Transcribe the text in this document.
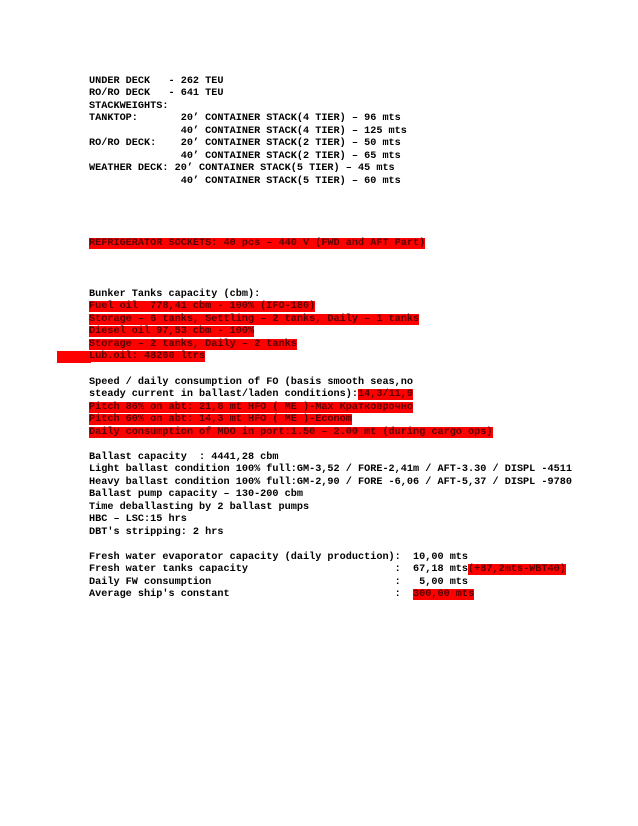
UNDER DECK   - 262 TEU
RO/RO DECK   - 641 TEU
STACKWEIGHTS:
TANKTOP:       20’ CONTAINER STACK(4 TIER) – 96 mts
40’ CONTAINER STACK(4 TIER) – 125 mts
RO/RO DECK:    20’ CONTAINER STACK(2 TIER) – 50 mts
40’ CONTAINER STACK(2 TIER) – 65 mts
WEATHER DECK: 20’ CONTAINER STACK(5 TIER) – 45 mts
40’ CONTAINER STACK(5 TIER) – 60 mts
REFRIGERATOR SOCKETS: 40 pcs – 440 V (FWD and AFT Part)
Bunker Tanks capacity (cbm):
Fuel oil  778,41 cbm - 100% (IFO-180)
Storage – 6 tanks, Settling – 2 tanks, Daily – 1 tanks
Diesel oil 97,53 cbm - 100%
Storage – 2 tanks, Daily – 2 tanks
Lub.oil: 48200 ltrs
Speed / daily consumption of FO (basis smooth seas,no
steady current in ballast/laden conditions):14,3/11,9
Pitch 86% on abt: 21,8 mt HFO ( ME )-Max Кратковрочно
Pitch 60% on abt: 14,3 mt HFO ( ME )-Econom
Daily consumption of MDO in port:1.50 – 2.00 mt (during cargo ops)
Ballast capacity  : 4441,28 cbm
Light ballast condition 100% full:GM-3,52 / FORE-2,41m / AFT-3.30 / DISPL -4511
Heavy ballast condition 100% full:GM-2,90 / FORE -6,06 / AFT-5,37 / DISPL -9780
Ballast pump capacity – 130-200 cbm
Time deballasting by 2 ballast pumps
HBC – LSC:15 hrs
DBT's stripping: 2 hrs
Fresh water evaporator capacity (daily production):  10,00 mts
Fresh water tanks capacity                        :  67,18 mts(+87,2mts-WBT40)
Daily FW consumption                              :   5,00 mts
Average ship's constant                           :  300,00 mts
